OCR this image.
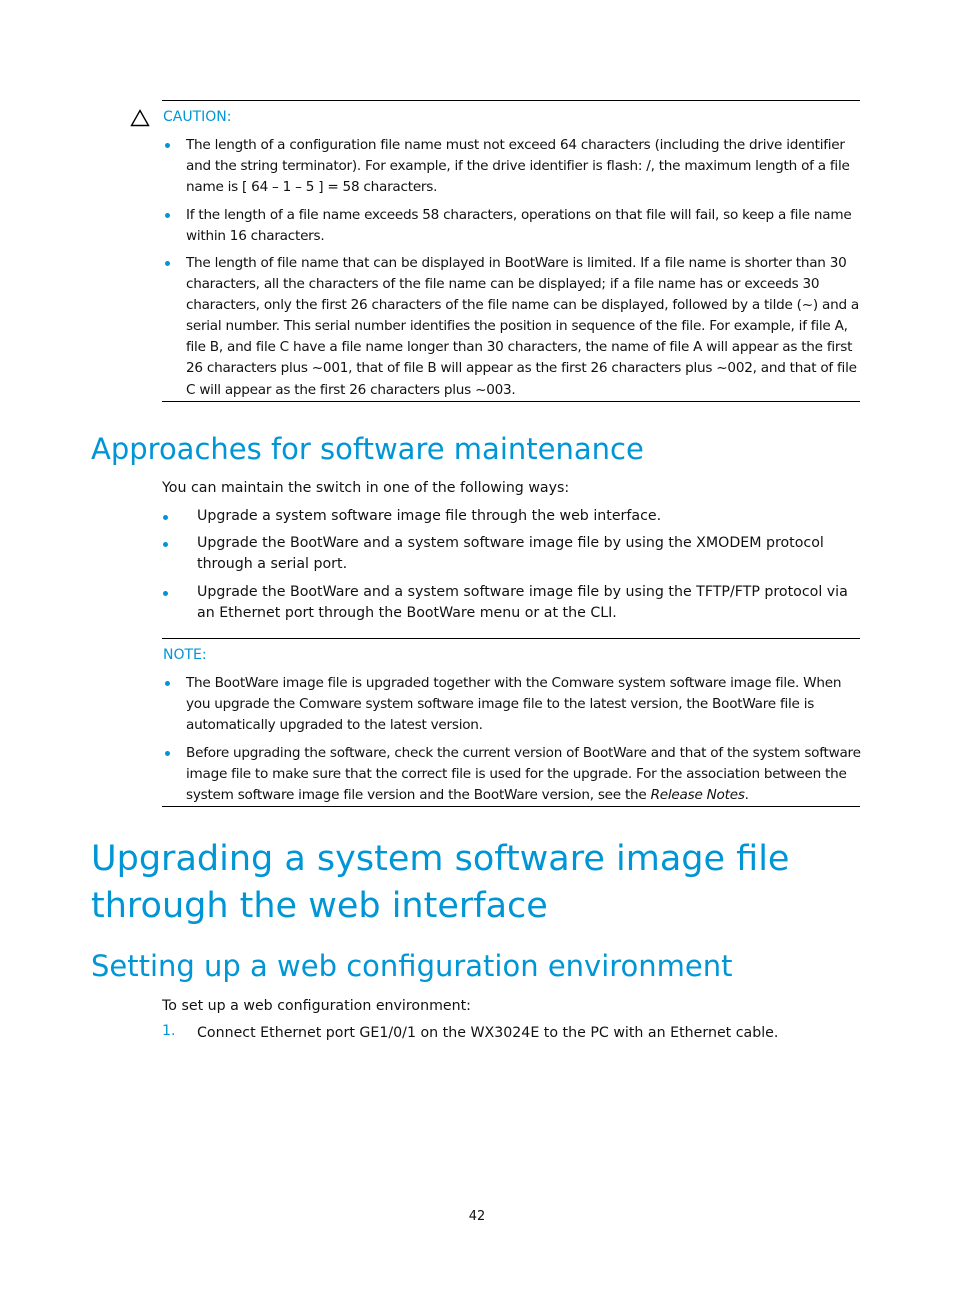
CAUTION:
The length of a configuration file name must not exceed 64 characters (including the drive identifier and the string terminator). For example, if the drive identifier is flash: /, the maximum length of a file name is [ 64 – 1 – 5 ] = 58 characters.
If the length of a file name exceeds 58 characters, operations on that file will fail, so keep a file name within 16 characters.
The length of file name that can be displayed in BootWare is limited. If a file name is shorter than 30 characters, all the characters of the file name can be displayed; if a file name has or exceeds 30 characters, only the first 26 characters of the file name can be displayed, followed by a tilde (~) and a serial number. This serial number identifies the position in sequence of the file. For example, if file A, file B, and file C have a file name longer than 30 characters, the name of file A will appear as the first 26 characters plus ~001, that of file B will appear as the first 26 characters plus ~002, and that of file C will appear as the first 26 characters plus ~003.
Approaches for software maintenance
You can maintain the switch in one of the following ways:
Upgrade a system software image file through the web interface.
Upgrade the BootWare and a system software image file by using the XMODEM protocol through a serial port.
Upgrade the BootWare and a system software image file by using the TFTP/FTP protocol via an Ethernet port through the BootWare menu or at the CLI.
NOTE:
The BootWare image file is upgraded together with the Comware system software image file. When you upgrade the Comware system software image file to the latest version, the BootWare file is automatically upgraded to the latest version.
Before upgrading the software, check the current version of BootWare and that of the system software image file to make sure that the correct file is used for the upgrade. For the association between the system software image file version and the BootWare version, see the Release Notes.
Upgrading a system software image file through the web interface
Setting up a web configuration environment
To set up a web configuration environment:
1. Connect Ethernet port GE1/0/1 on the WX3024E to the PC with an Ethernet cable.
42
